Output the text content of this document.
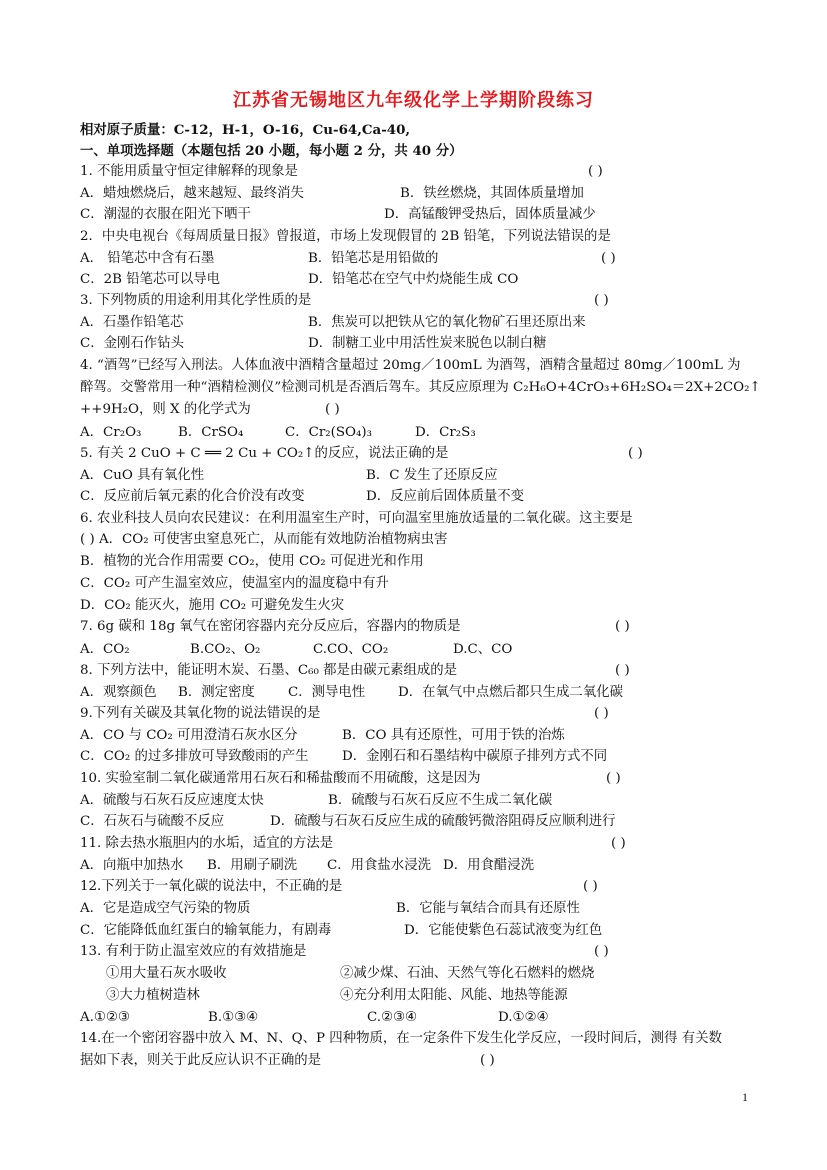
江苏省无锡地区九年级化学上学期阶段练习
相对原子质量：C-12，H-1，O-16，Cu-64,Ca-40,
一、单项选择题（本题包括 20 小题，每小题 2 分，共 40 分）
1. 不能用质量守恒定律解释的现象是	( )
A．蜡烛燃烧后，越来越短、最终消失	B．铁丝燃烧，其固体质量增加
C．潮湿的衣服在阳光下晒干	D．高锰酸钾受热后，固体质量减少
2．中央电视台《每周质量日报》曾报道，市场上发现假冒的 2B 铅笔，下列说法错误的是
A． 铅笔芯中含有石墨	B．铅笔芯是用铅做的	( )
C．2B 铅笔芯可以导电	D．铅笔芯在空气中灼烧能生成 CO
3. 下列物质的用途利用其化学性质的是	( )
A．石墨作铅笔芯	B．焦炭可以把铁从它的氧化物矿石里还原出来
C．金刚石作钻头	D．制糖工业中用活性炭来脱色以制白糖
4. “酒驾”已经写入刑法。人体血液中酒精含量超过 20mg／100mL 为酒驾，酒精含量超过 80mg／100mL 为
醉驾。交警常用一种“酒精检测仪”检测司机是否酒后驾车。其反应原理为 C₂H₆O+4CrO₃+6H₂SO₄＝2X+2CO₂↑
++9H₂O，则 X 的化学式为	( )
A．Cr₂O₃	B．CrSO₄	C．Cr₂(SO₄)₃	D．Cr₂S₃
5. 有关 2 CuO + C ══ 2 Cu + CO₂↑的反应，说法正确的是	( )
A．CuO 具有氧化性	B．C 发生了还原反应
C．反应前后氧元素的化合价没有改变	D．反应前后固体质量不变
6. 农业科技人员向农民建议：在利用温室生产时，可向温室里施放适量的二氧化碳。这主要是
( ) A．CO₂ 可使害虫窒息死亡，从而能有效地防治植物病虫害
B．植物的光合作用需要 CO₂，使用 CO₂ 可促进光和作用
C．CO₂ 可产生温室效应，使温室内的温度稳中有升
D．CO₂ 能灭火，施用 CO₂ 可避免发生火灾
7. 6g 碳和 18g 氧气在密闭容器内充分反应后，容器内的物质是	( )
A．CO₂	B.CO₂、O₂	C.CO、CO₂	D.C、CO
8. 下列方法中，能证明木炭、石墨、C₆₀ 都是由碳元素组成的是	( )
A．观察颜色 B．测定密度 C．测导电性 D．在氧气中点燃后都只生成二氧化碳
9.下列有关碳及其氧化物的说法错误的是	( )
A．CO 与 CO₂ 可用澄清石灰水区分	B．CO 具有还原性，可用于铁的治炼
C．CO₂ 的过多排放可导致酸雨的产生 D．金刚石和石墨结构中碳原子排列方式不同
10. 实验室制二氧化碳通常用石灰石和稀盐酸而不用硫酸，这是因为	( )
A．硫酸与石灰石反应速度太快	B．硫酸与石灰石反应不生成二氧化碳
C．石灰石与硫酸不反应	D．硫酸与石灰石反应生成的硫酸钙微溶阻碍反应顺利进行
11. 除去热水瓶胆内的水垢，适宜的方法是	( )
A．向瓶中加热水 B．用刷子刷洗 C．用食盐水浸洗 D．用食醋浸洗
12.下列关于一氧化碳的说法中，不正确的是	( )
A．它是造成空气污染的物质	B．它能与氧结合而具有还原性
C．它能降低血红蛋白的输氧能力，有剧毒	D．它能使紫色石蕊试液变为红色
13. 有利于防止温室效应的有效措施是	( )
①用大量石灰水吸收	②减少煤、石油、天然气等化石燃料的燃烧
③大力植树造林	④充分利用太阳能、风能、地热等能源
A.①②③	B.①③④	C.②③④	D.①②④
14.在一个密闭容器中放入 M、N、Q、P 四种物质，在一定条件下发生化学反应，一段时间后，测得 有关数
据如下表，则关于此反应认识不正确的是	( )
1
